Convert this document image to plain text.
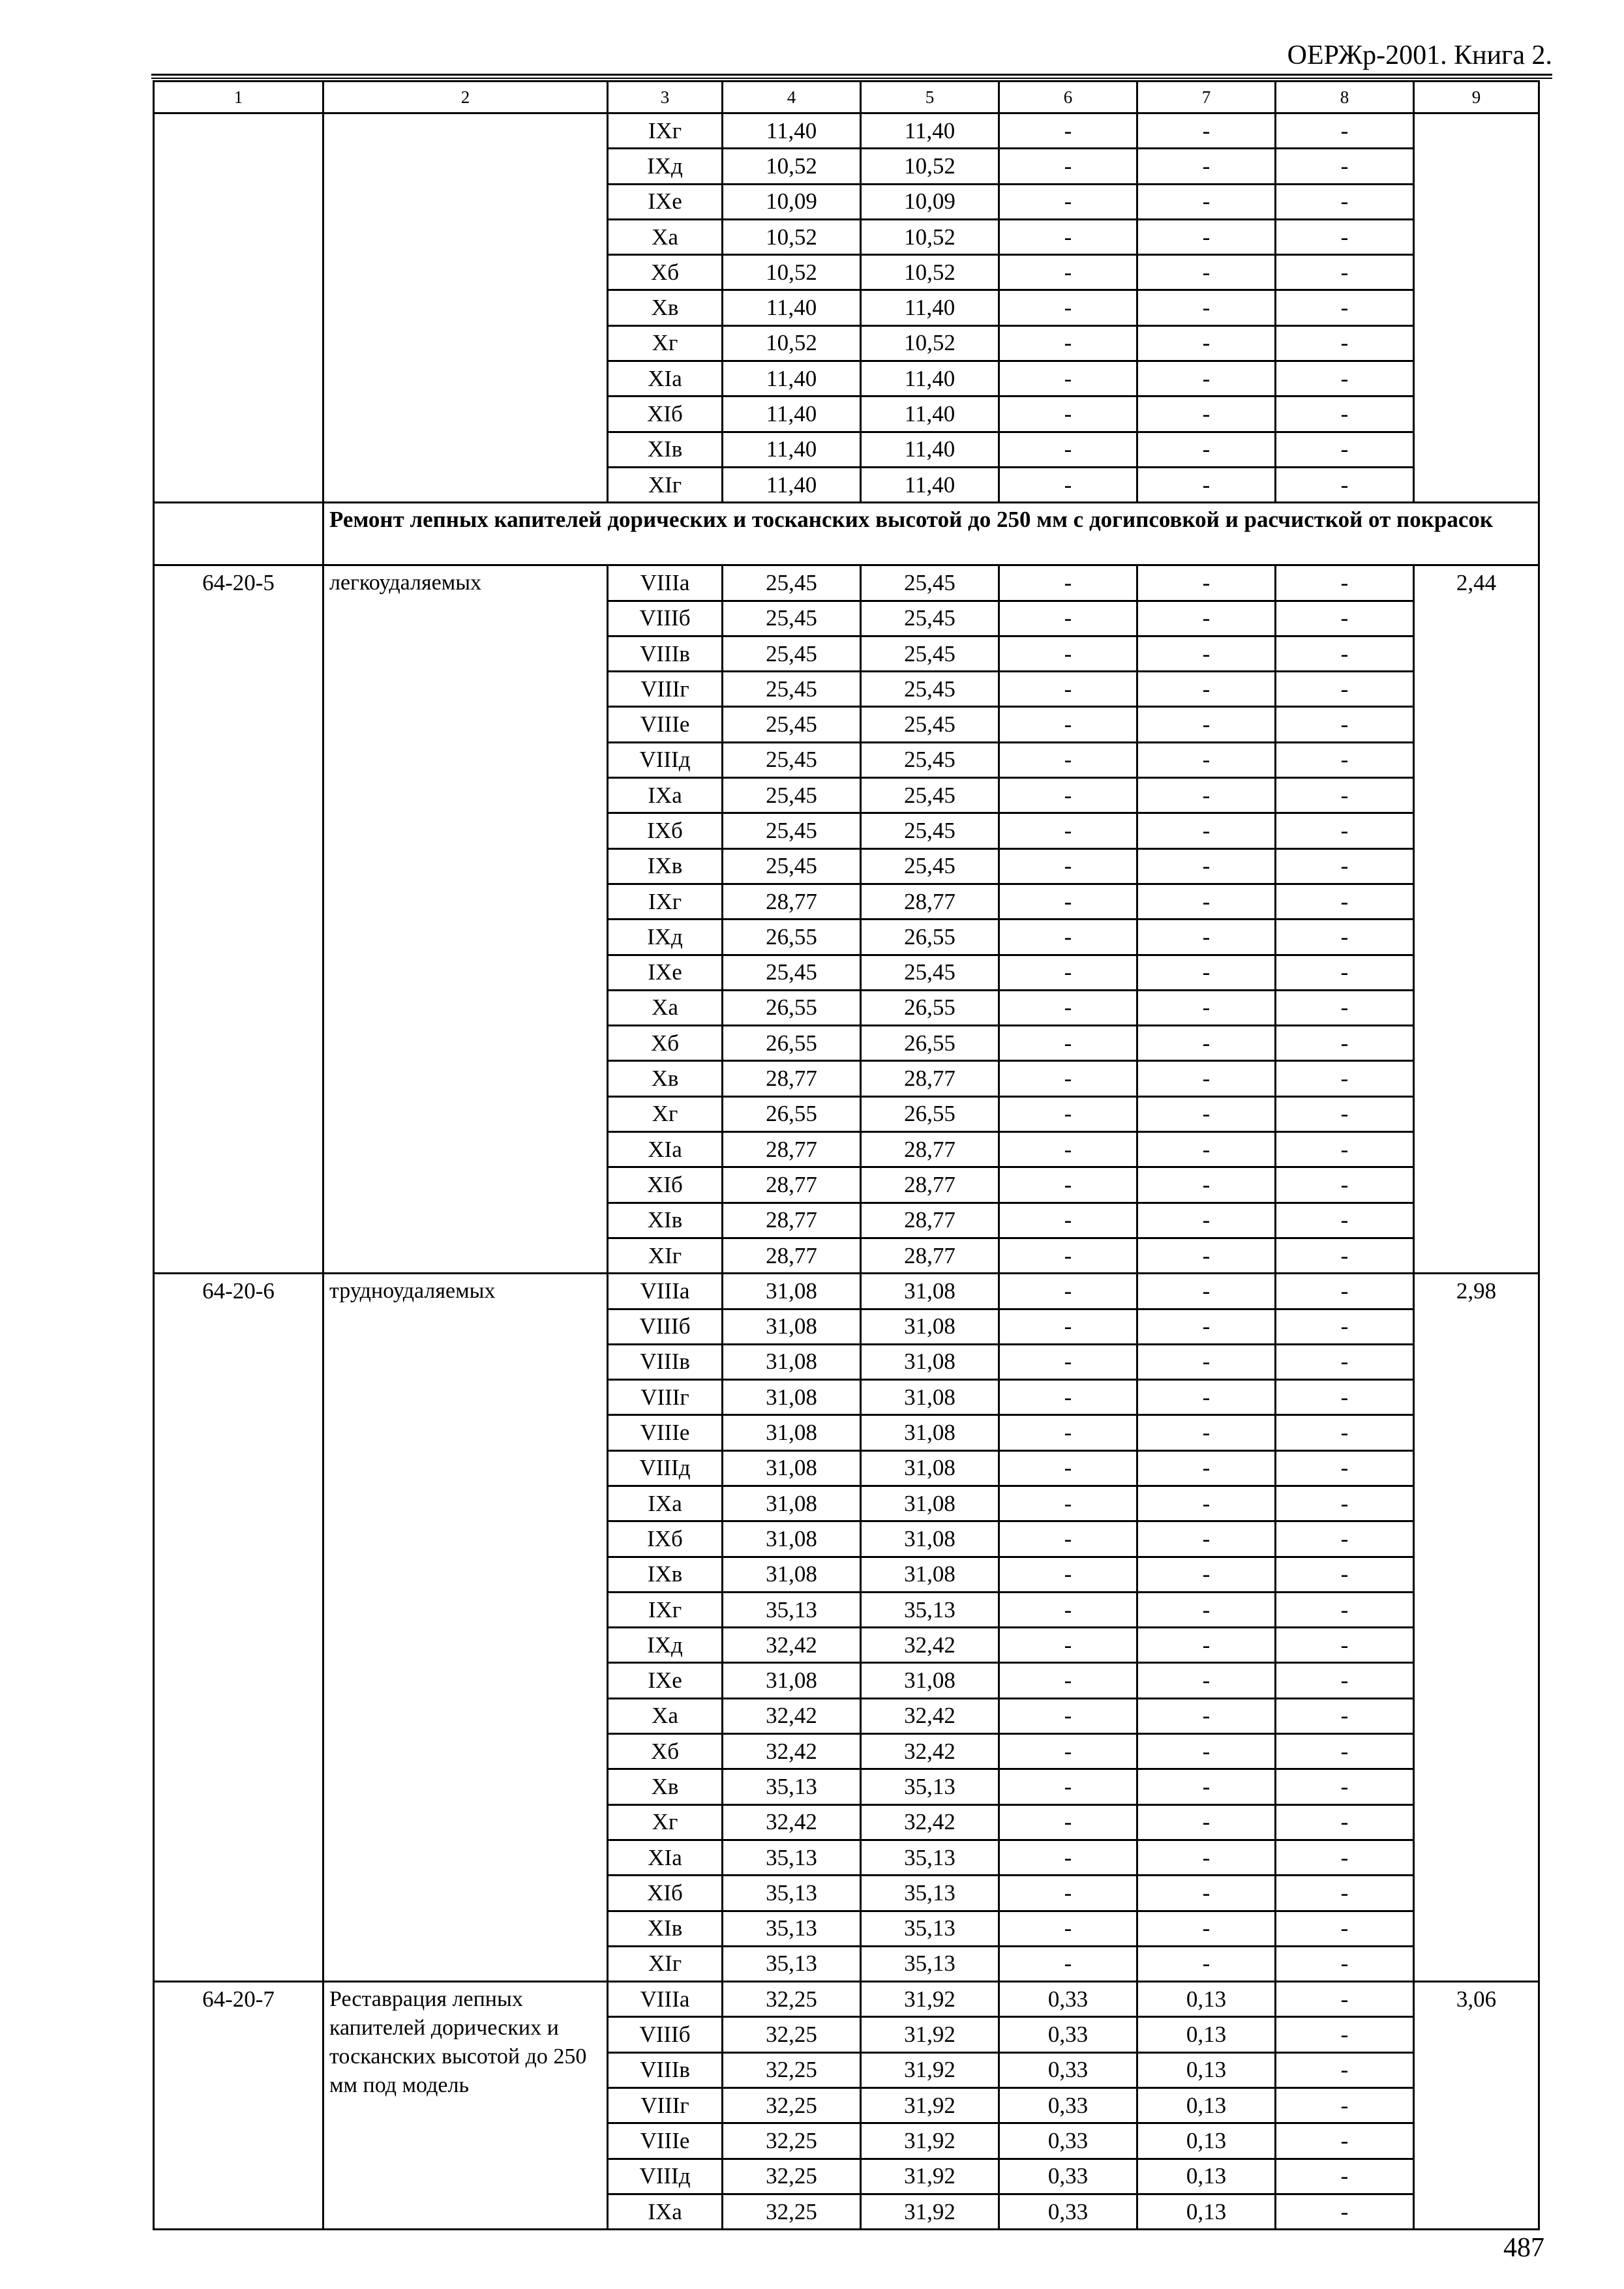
ОЕРЖр-2001. Книга 2.
1	2	3	4	5	6	7	8	9
		IXг	11,40	11,40	-	-	-	
		IXд	10,52	10,52	-	-	-	
		IXе	10,09	10,09	-	-	-	
		Xа	10,52	10,52	-	-	-	
		Xб	10,52	10,52	-	-	-	
		Xв	11,40	11,40	-	-	-	
		Xг	10,52	10,52	-	-	-	
		XIа	11,40	11,40	-	-	-	
		XIб	11,40	11,40	-	-	-	
		XIв	11,40	11,40	-	-	-	
		XIг	11,40	11,40	-	-	-	
	Ремонт лепных капителей дорических и тосканских высотой до 250 мм с догипсовкой и расчисткой от покрасок							
64-20-5	легкоудаляемых	VIIIа	25,45	25,45	-	-	-	2,44
		VIIIб	25,45	25,45	-	-	-	
		VIIIв	25,45	25,45	-	-	-	
		VIIIг	25,45	25,45	-	-	-	
		VIIIе	25,45	25,45	-	-	-	
		VIIIд	25,45	25,45	-	-	-	
		IXа	25,45	25,45	-	-	-	
		IXб	25,45	25,45	-	-	-	
		IXв	25,45	25,45	-	-	-	
		IXг	28,77	28,77	-	-	-	
		IXд	26,55	26,55	-	-	-	
		IXе	25,45	25,45	-	-	-	
		Xа	26,55	26,55	-	-	-	
		Xб	26,55	26,55	-	-	-	
		Xв	28,77	28,77	-	-	-	
		Xг	26,55	26,55	-	-	-	
		XIа	28,77	28,77	-	-	-	
		XIб	28,77	28,77	-	-	-	
		XIв	28,77	28,77	-	-	-	
		XIг	28,77	28,77	-	-	-	
64-20-6	трудноудаляемых	VIIIа	31,08	31,08	-	-	-	2,98
		VIIIб	31,08	31,08	-	-	-	
		VIIIв	31,08	31,08	-	-	-	
		VIIIг	31,08	31,08	-	-	-	
		VIIIе	31,08	31,08	-	-	-	
		VIIIд	31,08	31,08	-	-	-	
		IXа	31,08	31,08	-	-	-	
		IXб	31,08	31,08	-	-	-	
		IXв	31,08	31,08	-	-	-	
		IXг	35,13	35,13	-	-	-	
		IXд	32,42	32,42	-	-	-	
		IXе	31,08	31,08	-	-	-	
		Xа	32,42	32,42	-	-	-	
		Xб	32,42	32,42	-	-	-	
		Xв	35,13	35,13	-	-	-	
		Xг	32,42	32,42	-	-	-	
		XIа	35,13	35,13	-	-	-	
		XIб	35,13	35,13	-	-	-	
		XIв	35,13	35,13	-	-	-	
		XIг	35,13	35,13	-	-	-	
64-20-7	Реставрация лепных капителей дорических и тосканских высотой до 250 мм под модель	VIIIа	32,25	31,92	0,33	0,13	-	3,06
		VIIIб	32,25	31,92	0,33	0,13	-	
		VIIIв	32,25	31,92	0,33	0,13	-	
		VIIIг	32,25	31,92	0,33	0,13	-	
		VIIIе	32,25	31,92	0,33	0,13	-	
		VIIIд	32,25	31,92	0,33	0,13	-	
		IXа	32,25	31,92	0,33	0,13	-	
487
